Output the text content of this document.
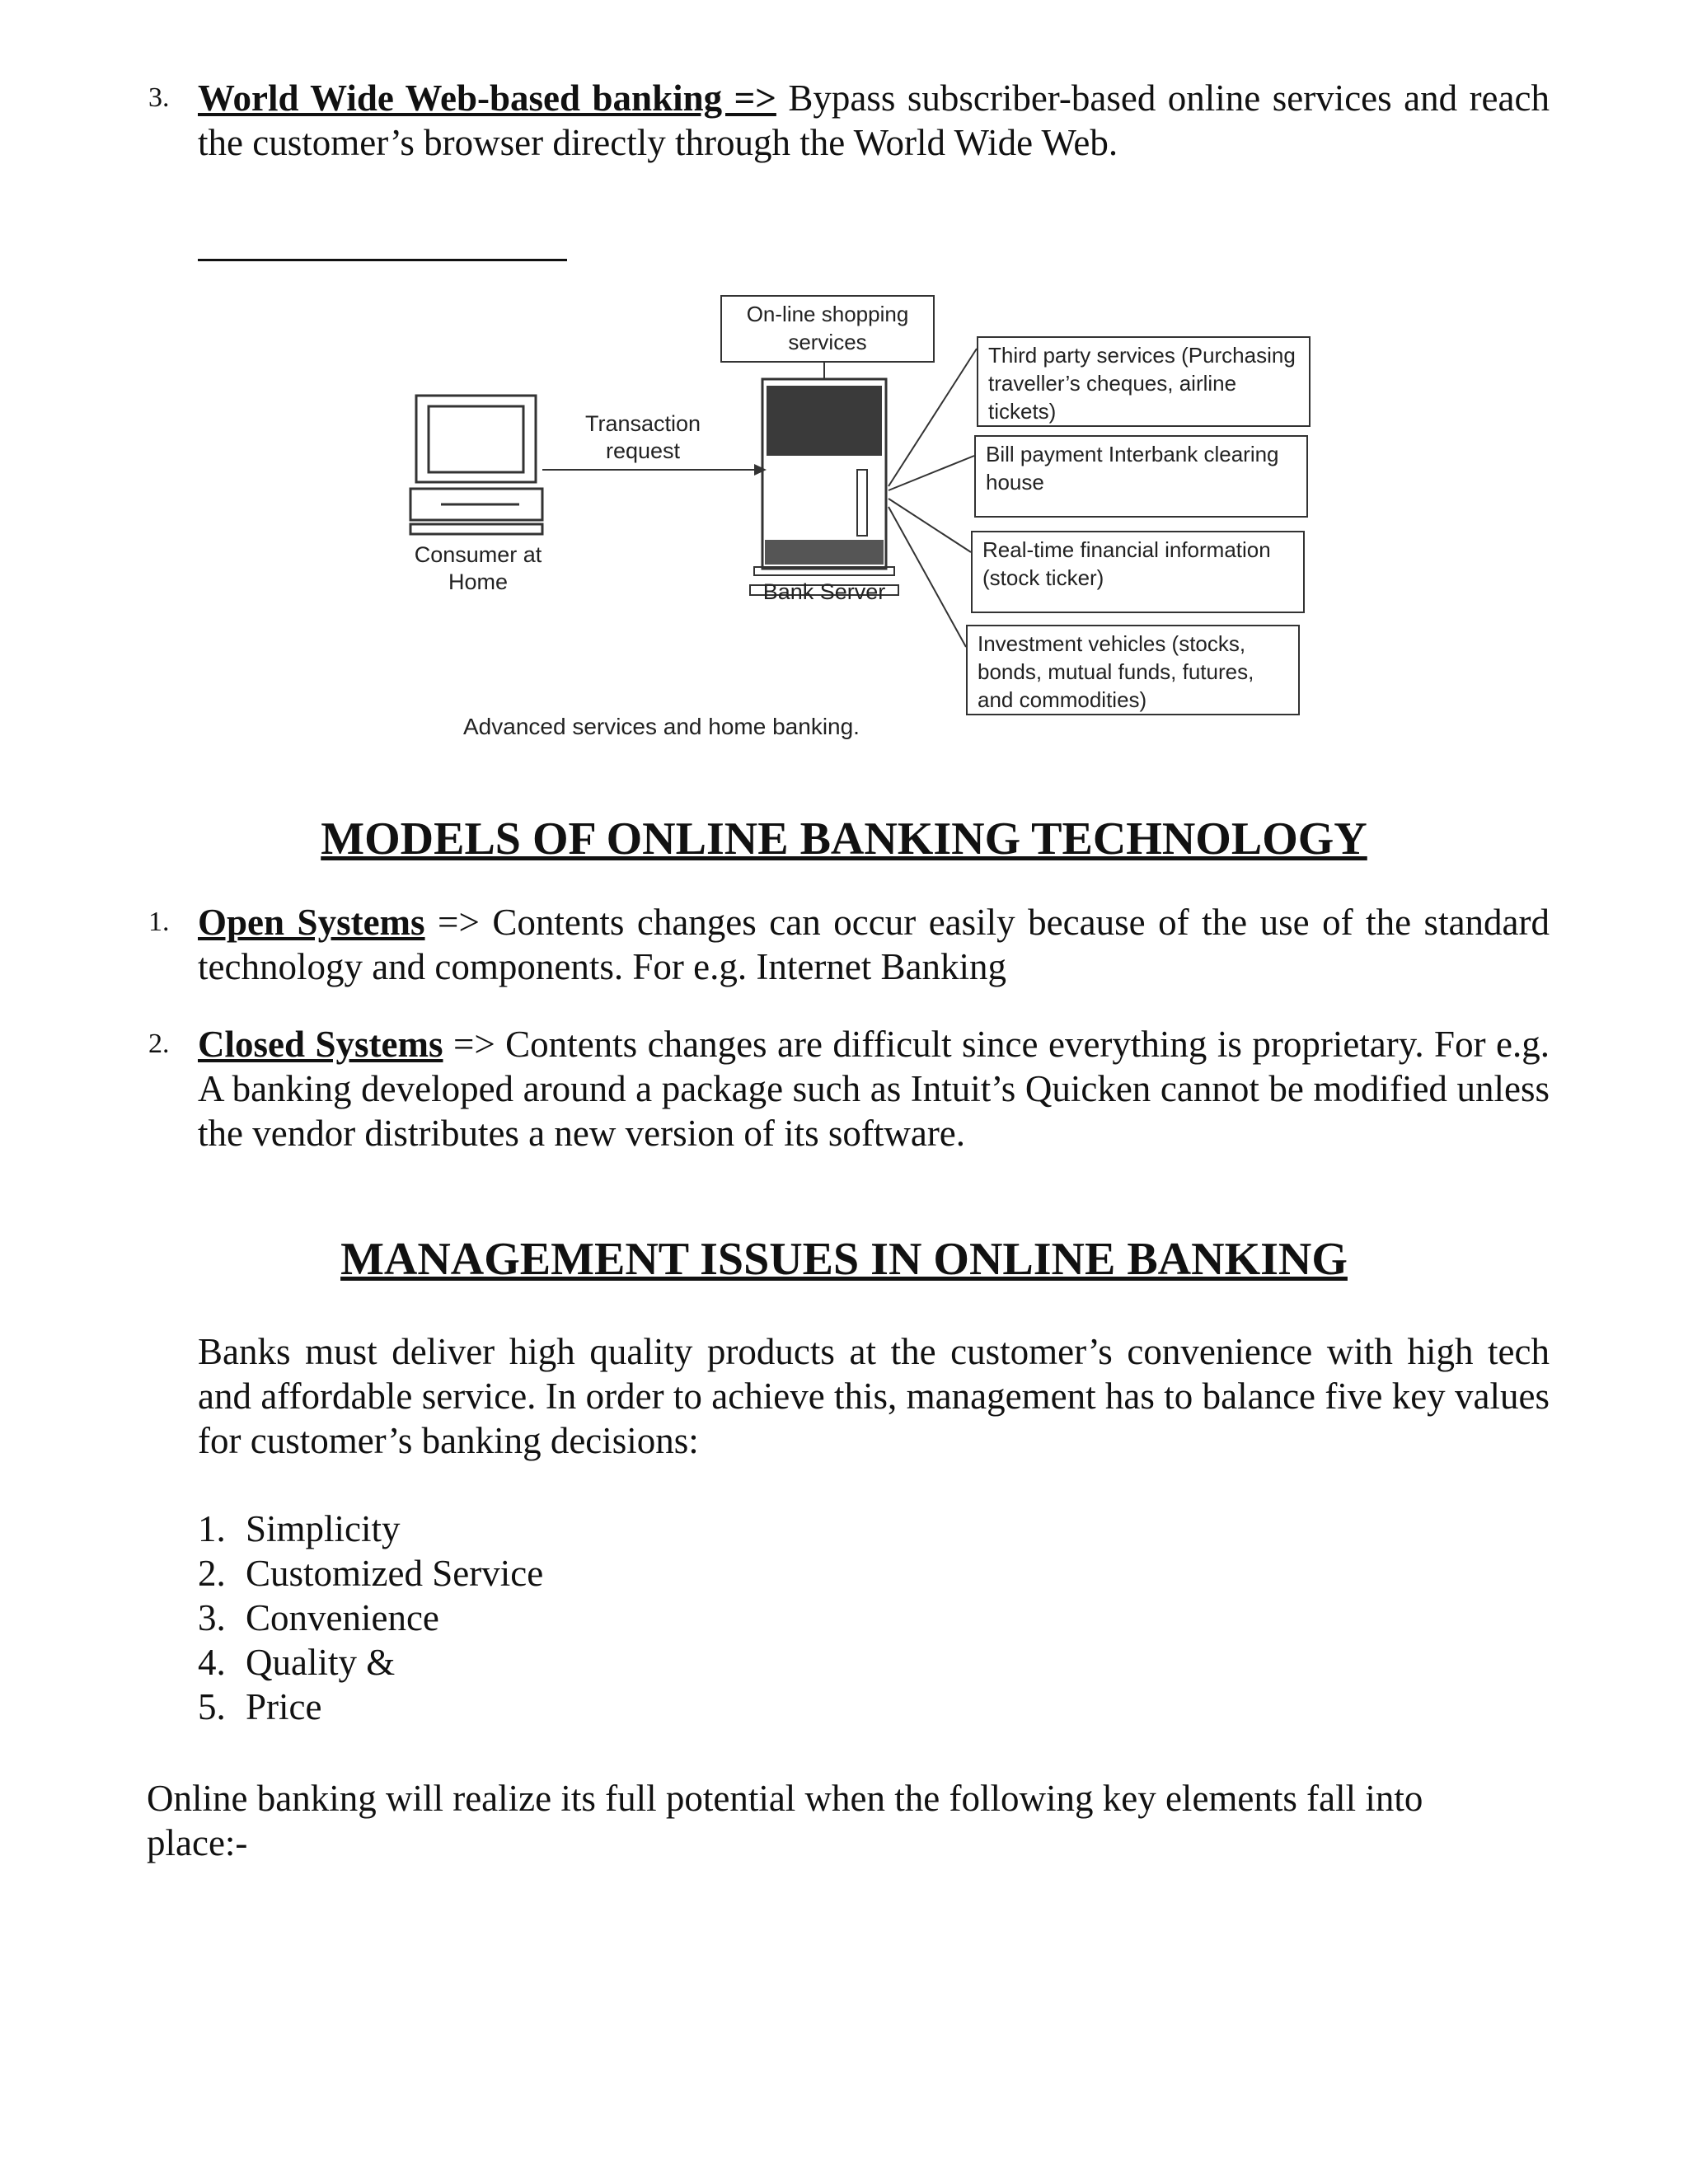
3. World Wide Web-based banking => Bypass subscriber-based online services and reach the customer’s browser directly through the World Wide Web.
On-line shopping services
Transaction request
Consumer at Home	Bank Server
Third party services (Purchasing traveller’s cheques, airline tickets)
Bill payment Interbank clearing house
Real-time financial information (stock ticker)
Investment vehicles (stocks, bonds, mutual funds, futures, and commodities)
Advanced services and home banking.
MODELS OF ONLINE BANKING TECHNOLOGY
1. Open Systems => Contents changes can occur easily because of the use of the standard technology and components. For e.g. Internet Banking
2. Closed Systems => Contents changes are difficult since everything is proprietary. For e.g. A banking developed around a package such as Intuit’s Quicken cannot be modified unless the vendor distributes a new version of its software.
MANAGEMENT ISSUES IN ONLINE BANKING
Banks must deliver high quality products at the customer’s convenience with high tech and affordable service. In order to achieve this, management has to balance five key values for customer’s banking decisions:
1. Simplicity
2. Customized Service
3. Convenience
4. Quality &
5. Price
Online banking will realize its full potential when the following key elements fall into place:-
